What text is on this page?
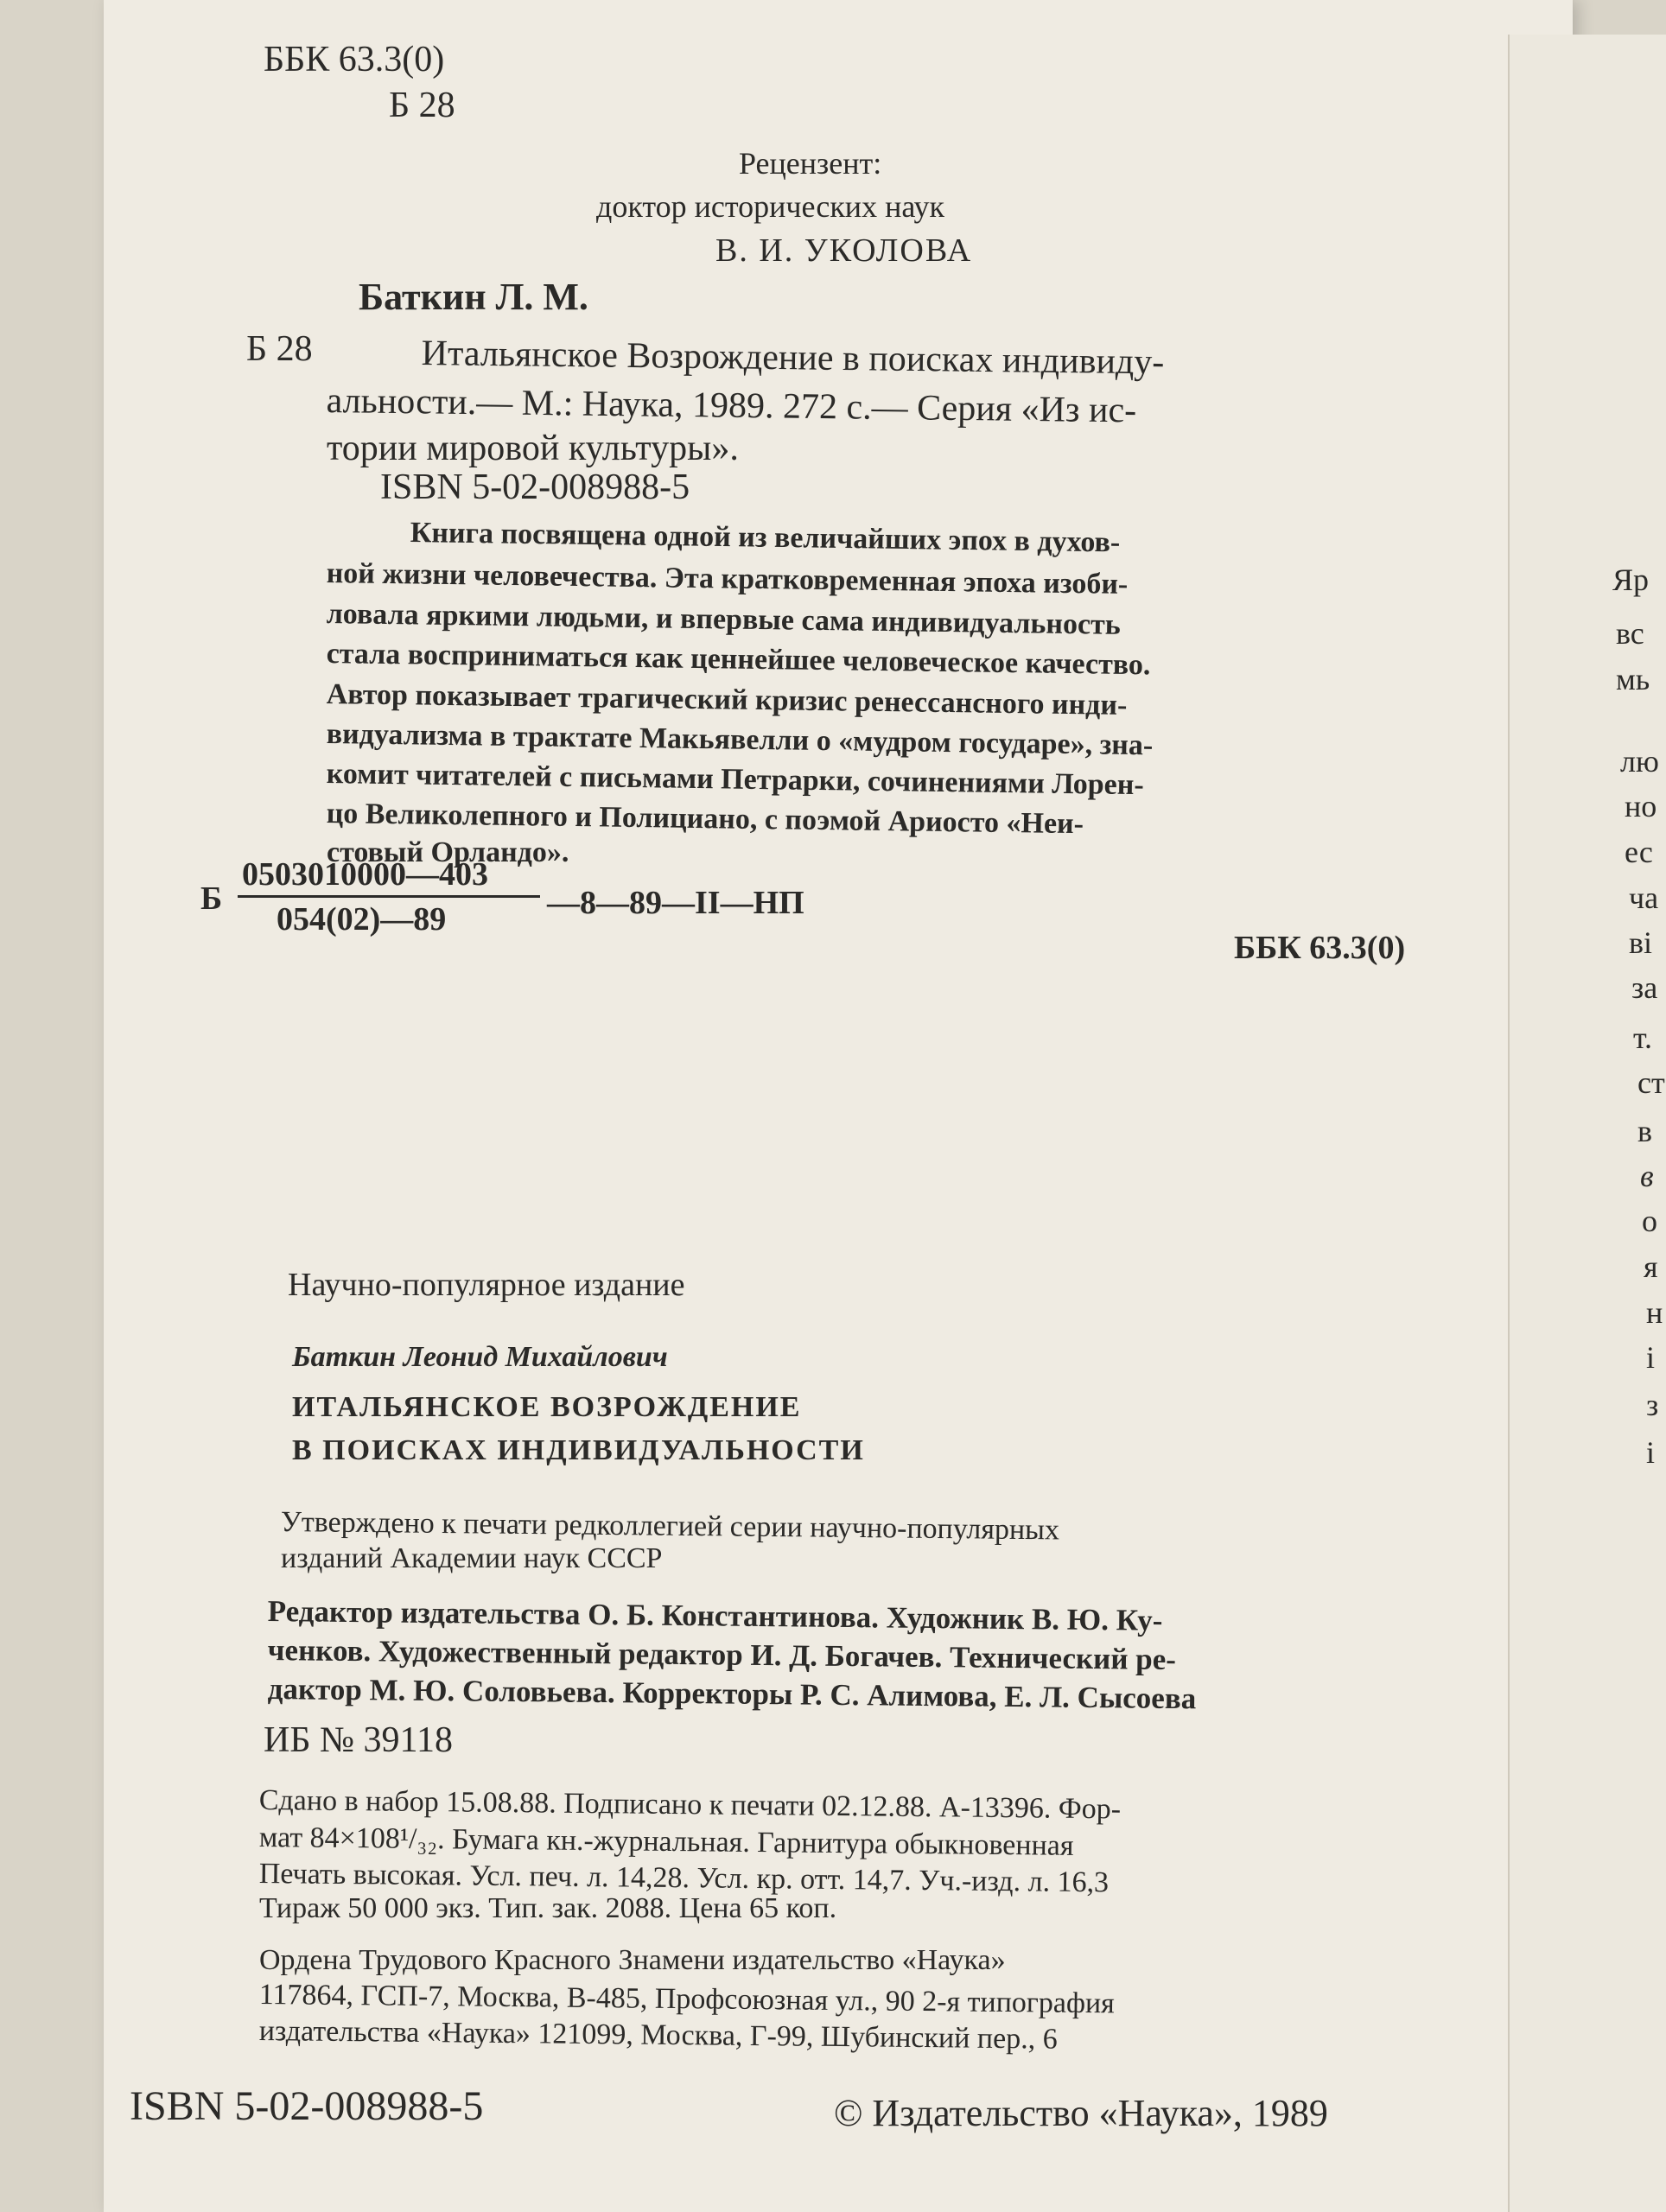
ББК 63.3(0)
Б 28
Рецензент:
доктор исторических наук
В. И. УКОЛОВА
Баткин Л. М.
Б 28	Итальянское Возрождение в поисках индивиду-
альности.— М.: Наука, 1989. 272 с.— Серия «Из ис-
тории мировой культуры».
ISBN 5-02-008988-5
Книга посвящена одной из величайших эпох в духов-
ной жизни человечества. Эта кратковременная эпоха изоби-
ловала яркими людьми, и впервые сама индивидуальность
стала восприниматься как ценнейшее человеческое качество.
Автор показывает трагический кризис ренессансного инди-
видуализма в трактате Макьявелли о «мудром государе», зна-
комит читателей с письмами Петрарки, сочинениями Лорен-
цо Великолепного и Полициано, с поэмой Ариосто «Неи-
стовый Орландо».
Б
0503010000—403
054(02)—89	—8—89—II—НП
ББК 63.3(0)
Научно-популярное издание
Баткин Леонид Михайлович
ИТАЛЬЯНСКОЕ ВОЗРОЖДЕНИЕ
В ПОИСКАХ ИНДИВИДУАЛЬНОСТИ
Утверждено к печати редколлегией серии научно-популярных
изданий Академии наук СССР
Редактор издательства О. Б. Константинова. Художник В. Ю. Ку-
ченков. Художественный редактор И. Д. Богачев. Технический ре-
дактор М. Ю. Соловьева. Корректоры Р. С. Алимова, Е. Л. Сысоева
ИБ № 39118
Сдано в набор 15.08.88. Подписано к печати 02.12.88. А-13396. Фор-
мат 84×108¹/₃₂. Бумага кн.-журнальная. Гарнитура обыкновенная
Печать высокая. Усл. печ. л. 14,28. Усл. кр. отт. 14,7. Уч.-изд. л. 16,3
Тираж 50 000 экз. Тип. зак. 2088. Цена 65 коп.
Ордена Трудового Красного Знамени издательство «Наука»
117864, ГСП-7, Москва, В-485, Профсоюзная ул., 90 2-я типография
издательства «Наука» 121099, Москва, Г-99, Шубинский пер., 6
ISBN 5-02-008988-5	© Издательство «Наука», 1989
Яр
вс
мь
лю
но
ес
ча
ві
за
т.
ст
в
в
о
я
н
і
з
і
